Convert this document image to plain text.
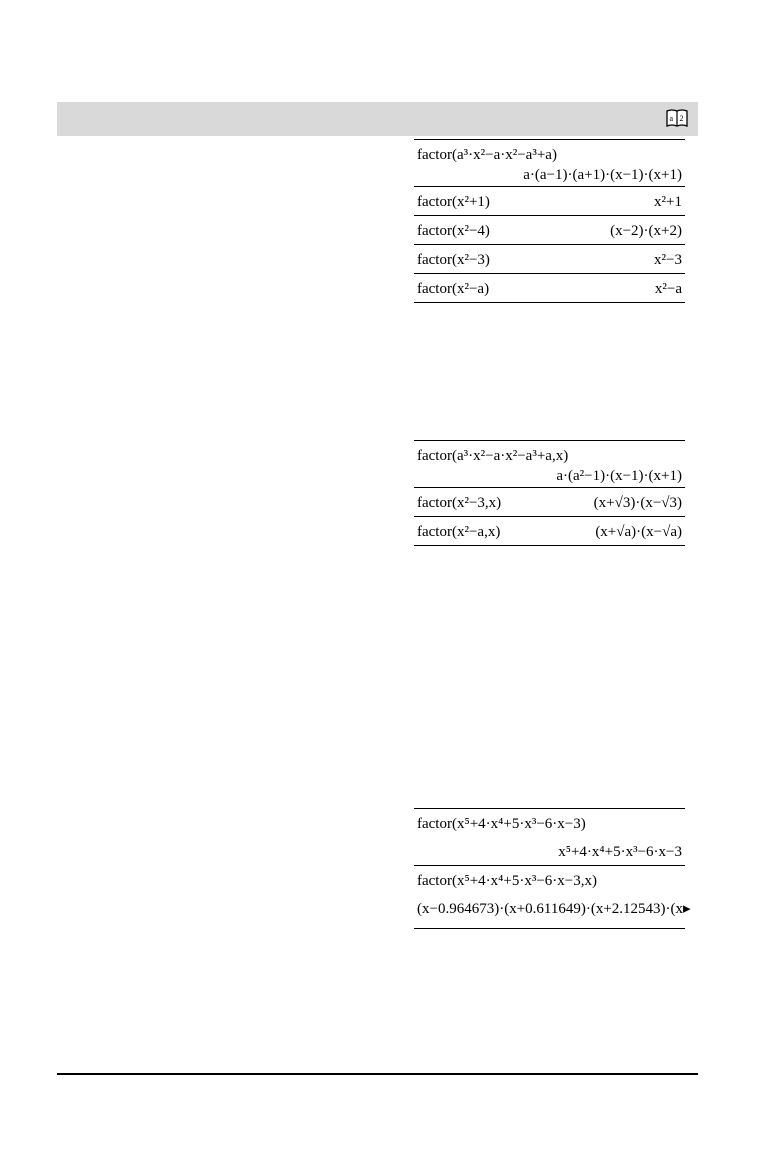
a 2
factor(a³·x²−a·x²−a³+a)
a·(a−1)·(a+1)·(x−1)·(x+1)
factor(x²+1)	x²+1
factor(x²−4)	(x−2)·(x+2)
factor(x²−3)	x²−3
factor(x²−a)	x²−a
factor(a³·x²−a·x²−a³+a,x)
a·(a²−1)·(x−1)·(x+1)
factor(x²−3,x)	(x+√3)·(x−√3)
factor(x²−a,x)	(x+√a)·(x−√a)
factor(x⁵+4·x⁴+5·x³−6·x−3)
x⁵+4·x⁴+5·x³−6·x−3
factor(x⁵+4·x⁴+5·x³−6·x−3,x)
(x−0.964673)·(x+0.611649)·(x+2.12543)·(x▸
